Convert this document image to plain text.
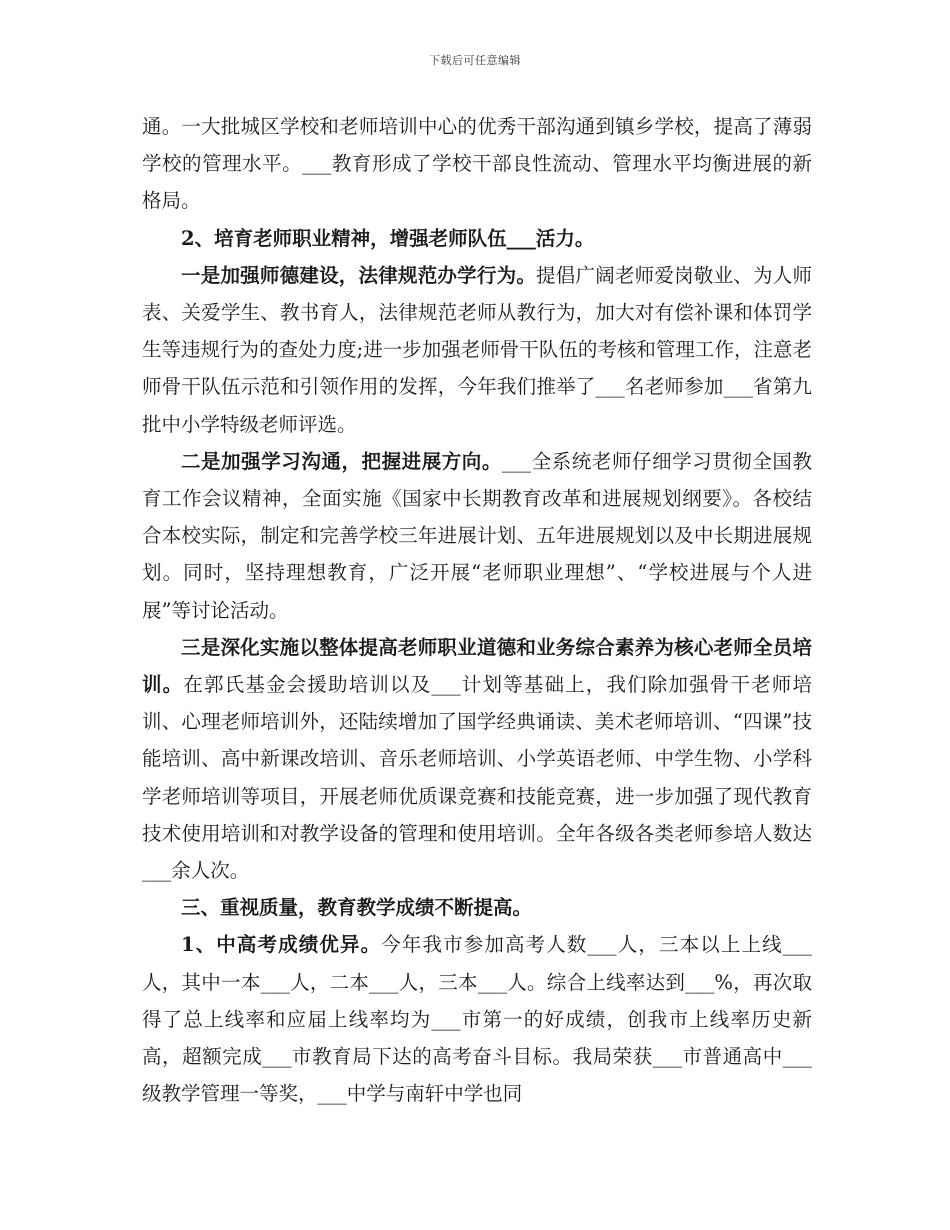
下载后可任意编辑

通。一大批城区学校和老师培训中心的优秀干部沟通到镇乡学校，提高了薄弱学校的管理水平。___教育形成了学校干部良性流动、管理水平均衡进展的新格局。

2、培育老师职业精神，增强老师队伍___活力。

一是加强师德建设，法律规范办学行为。提倡广阔老师爱岗敬业、为人师表、关爱学生、教书育人，法律规范老师从教行为，加大对有偿补课和体罚学生等违规行为的查处力度;进一步加强老师骨干队伍的考核和管理工作，注意老师骨干队伍示范和引领作用的发挥，今年我们推举了___名老师参加___省第九批中小学特级老师评选。

二是加强学习沟通，把握进展方向。___全系统老师仔细学习贯彻全国教育工作会议精神，全面实施《国家中长期教育改革和进展规划纲要》。各校结合本校实际，制定和完善学校三年进展计划、五年进展规划以及中长期进展规划。同时，坚持理想教育，广泛开展“老师职业理想”、“学校进展与个人进展”等讨论活动。

三是深化实施以整体提高老师职业道德和业务综合素养为核心老师全员培训。在郭氏基金会援助培训以及___计划等基础上，我们除加强骨干老师培训、心理老师培训外，还陆续增加了国学经典诵读、美术老师培训、“四课”技能培训、高中新课改培训、音乐老师培训、小学英语老师、中学生物、小学科学老师培训等项目，开展老师优质课竞赛和技能竞赛，进一步加强了现代教育技术使用培训和对教学设备的管理和使用培训。全年各级各类老师参培人数达___余人次。

三、重视质量，教育教学成绩不断提高。

1、中高考成绩优异。今年我市参加高考人数___人，三本以上上线___人，其中一本___人，二本___人，三本___人。综合上线率达到___%，再次取得了总上线率和应届上线率均为___市第一的好成绩，创我市上线率历史新高，超额完成___市教育局下达的高考奋斗目标。我局荣获___市普通高中___级教学管理一等奖，___中学与南轩中学也同
